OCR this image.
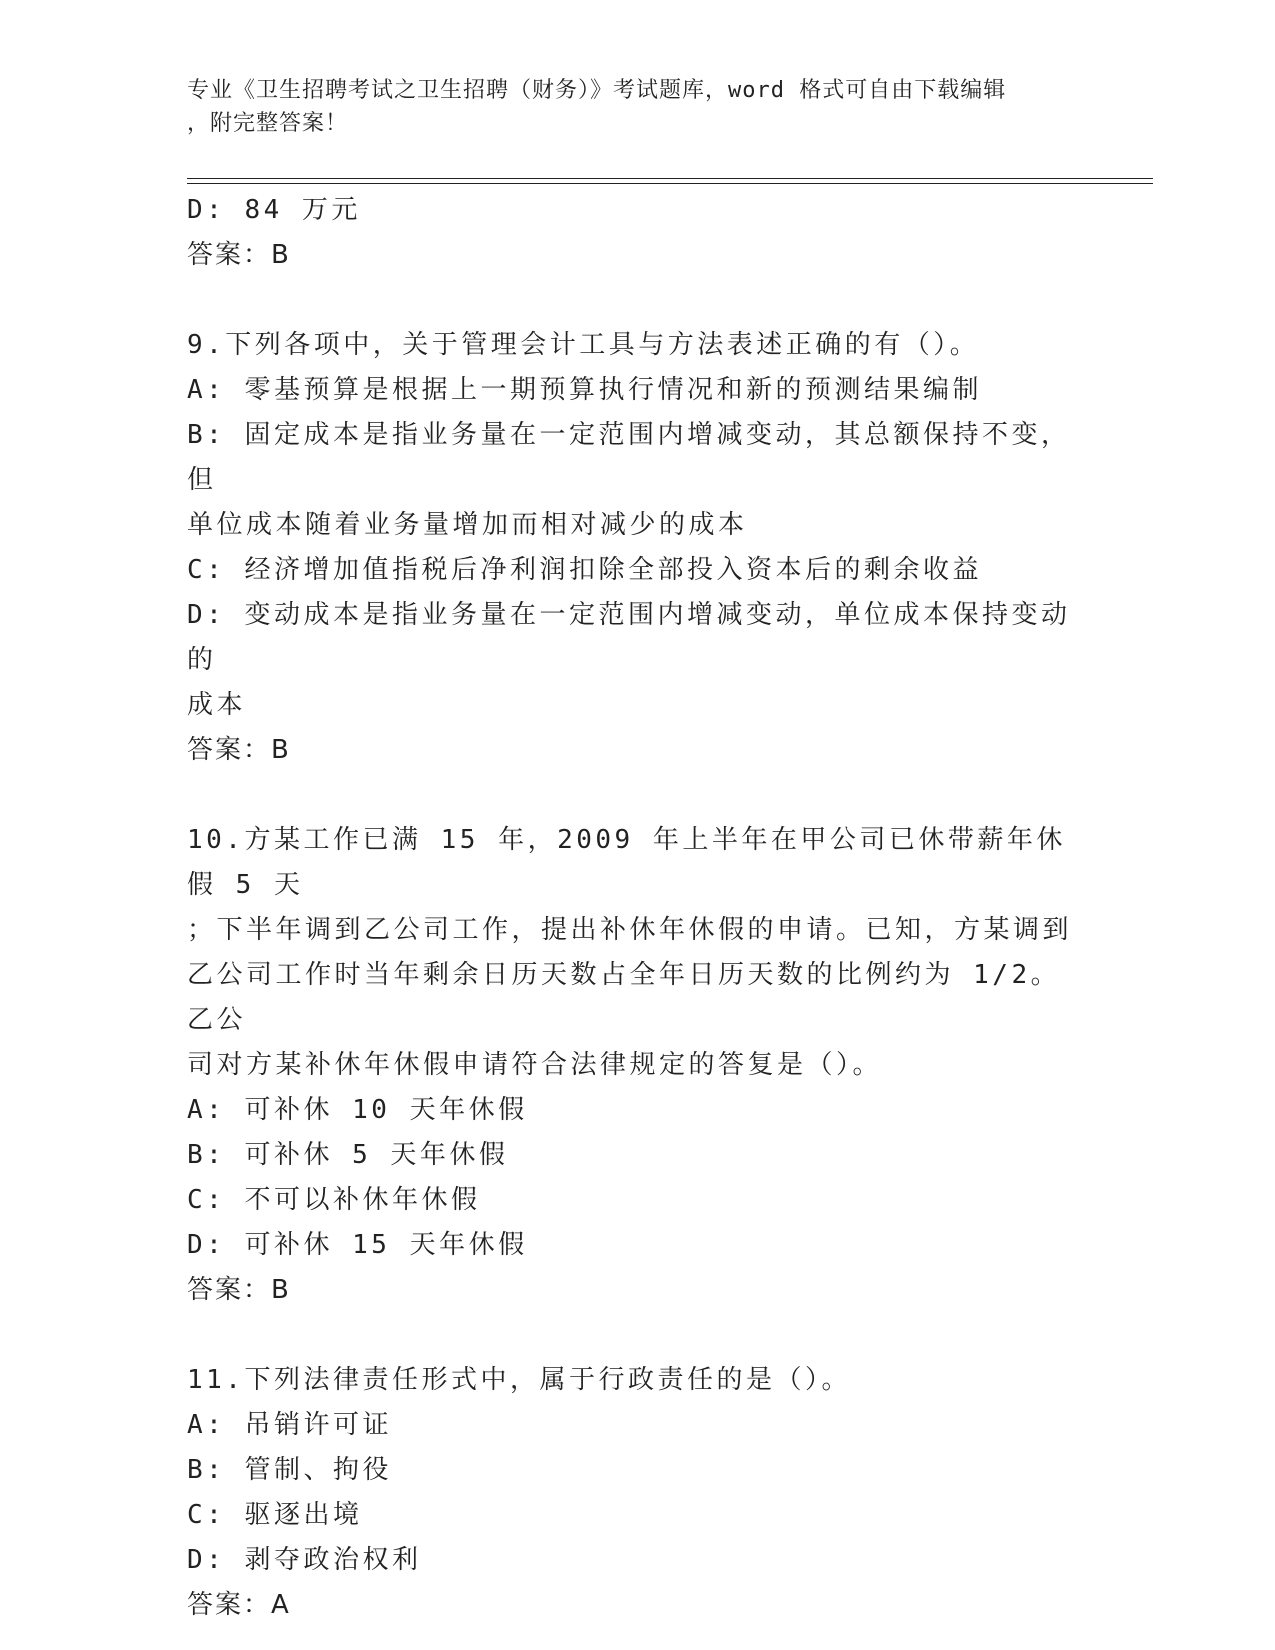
专业《卫生招聘考试之卫生招聘（财务）》考试题库，word 格式可自由下载编辑
，附完整答案！
D: 84 万元
答案：B
9.下列各项中，关于管理会计工具与方法表述正确的有（）。
A: 零基预算是根据上一期预算执行情况和新的预测结果编制
B: 固定成本是指业务量在一定范围内增减变动，其总额保持不变，但
单位成本随着业务量增加而相对减少的成本
C: 经济增加值指税后净利润扣除全部投入资本后的剩余收益
D: 变动成本是指业务量在一定范围内增减变动，单位成本保持变动的
成本
答案：B
10.方某工作已满 15 年，2009 年上半年在甲公司已休带薪年休假 5 天
；下半年调到乙公司工作，提出补休年休假的申请。已知，方某调到
乙公司工作时当年剩余日历天数占全年日历天数的比例约为 1/2。乙公
司对方某补休年休假申请符合法律规定的答复是（）。
A: 可补休 10 天年休假
B: 可补休 5 天年休假
C: 不可以补休年休假
D: 可补休 15 天年休假
答案：B
11.下列法律责任形式中，属于行政责任的是（）。
A: 吊销许可证
B: 管制、拘役
C: 驱逐出境
D: 剥夺政治权利
答案：A
